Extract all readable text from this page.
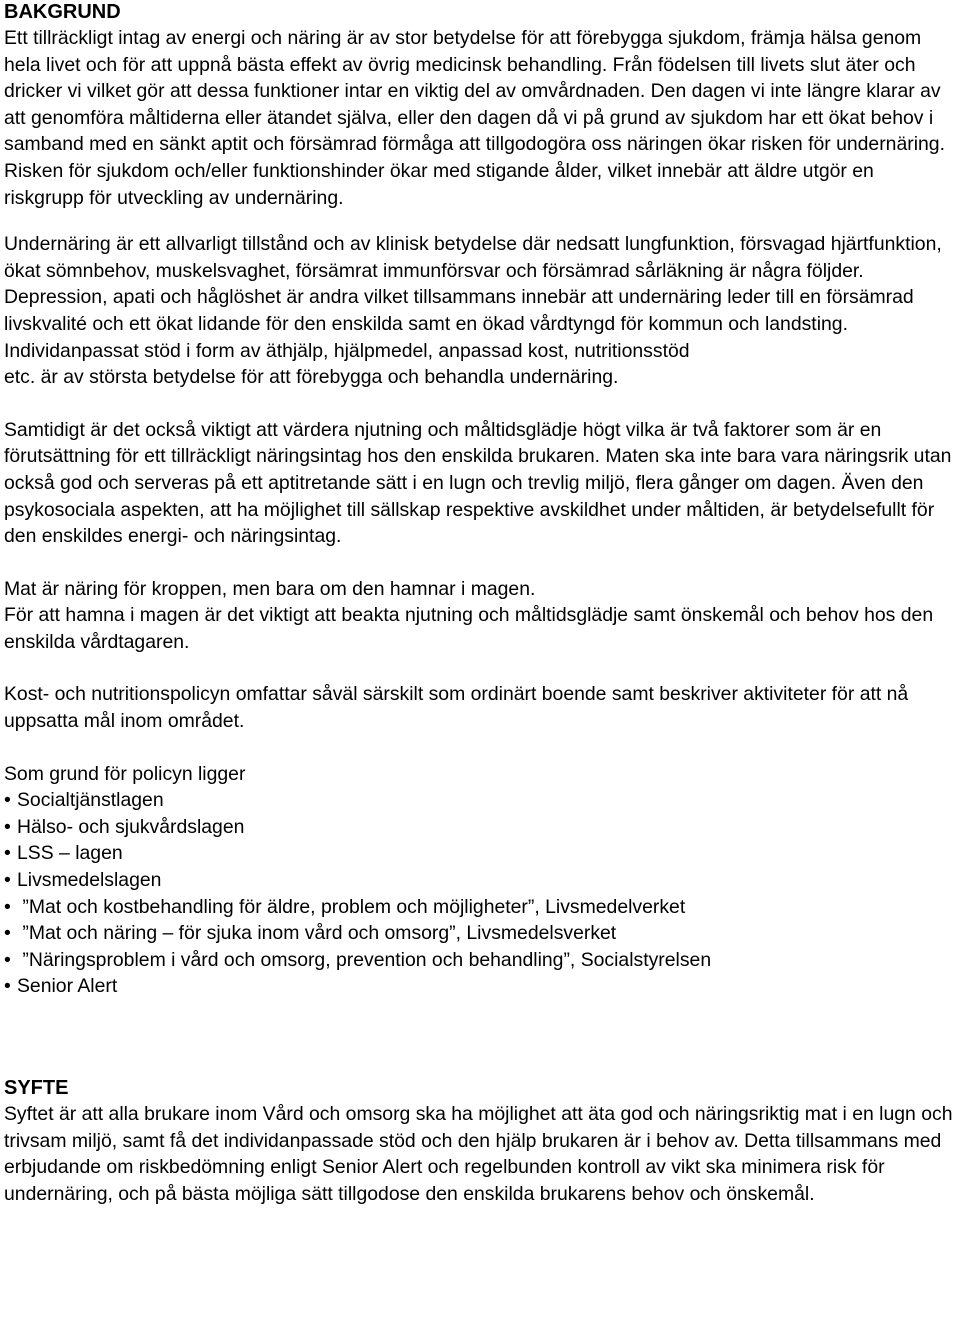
BAKGRUND

Ett tillräckligt intag av energi och näring är av stor betydelse för att förebygga sjukdom, främja hälsa genom hela livet och för att uppnå bästa effekt av övrig medicinsk behandling. Från födelsen till livets slut äter och dricker vi vilket gör att dessa funktioner intar en viktig del av omvårdnaden. Den dagen vi inte längre klarar av att genomföra måltiderna eller ätandet själva, eller den dagen då vi på grund av sjukdom har ett ökat behov i samband med en sänkt aptit och försämrad förmåga att tillgodogöra oss näringen ökar risken för undernäring. Risken för sjukdom och/eller funktionshinder ökar med stigande ålder, vilket innebär att äldre utgör en riskgrupp för utveckling av undernäring.

Undernäring är ett allvarligt tillstånd och av klinisk betydelse där nedsatt lungfunktion, försvagad hjärtfunktion, ökat sömnbehov, muskelsvaghet, försämrat immunförsvar och försämrad sårläkning är några följder. Depression, apati och håglöshet är andra vilket tillsammans innebär att undernäring leder till en försämrad livskvalité och ett ökat lidande för den enskilda samt en ökad vårdtyngd för kommun och landsting. Individanpassat stöd i form av äthjälp, hjälpmedel, anpassad kost, nutritionsstöd

etc. är av största betydelse för att förebygga och behandla undernäring.

Samtidigt är det också viktigt att värdera njutning och måltidsglädje högt vilka är två faktorer som är en förutsättning för ett tillräckligt näringsintag hos den enskilda brukaren. Maten ska inte bara vara näringsrik utan också god och serveras på ett aptitretande sätt i en lugn och trevlig miljö, flera gånger om dagen. Även den psykosociala aspekten, att ha möjlighet till sällskap respektive avskildhet under måltiden, är betydelsefullt för den enskildes energi- och näringsintag.

Mat är näring för kroppen, men bara om den hamnar i magen.

För att hamna i magen är det viktigt att beakta njutning och måltidsglädje samt önskemål och behov hos den enskilda vårdtagaren.

Kost- och nutritionspolicyn omfattar såväl särskilt som ordinärt boende samt beskriver aktiviteter för att nå uppsatta mål inom området.

Som grund för policyn ligger

• Socialtjänstlagen
• Hälso- och sjukvårdslagen
• LSS – lagen
• Livsmedelslagen
• ”Mat och kostbehandling för äldre, problem och möjligheter”, Livsmedelverket
• ”Mat och näring – för sjuka inom vård och omsorg”, Livsmedelsverket
• ”Näringsproblem i vård och omsorg, prevention och behandling”, Socialstyrelsen
• Senior Alert
SYFTE

Syftet är att alla brukare inom Vård och omsorg ska ha möjlighet att äta god och näringsriktig mat i en lugn och trivsam miljö, samt få det individanpassade stöd och den hjälp brukaren är i behov av. Detta tillsammans med erbjudande om riskbedömning enligt Senior Alert och regelbunden kontroll av vikt ska minimera risk för undernäring, och på bästa möjliga sätt tillgodose den enskilda brukarens behov och önskemål.
